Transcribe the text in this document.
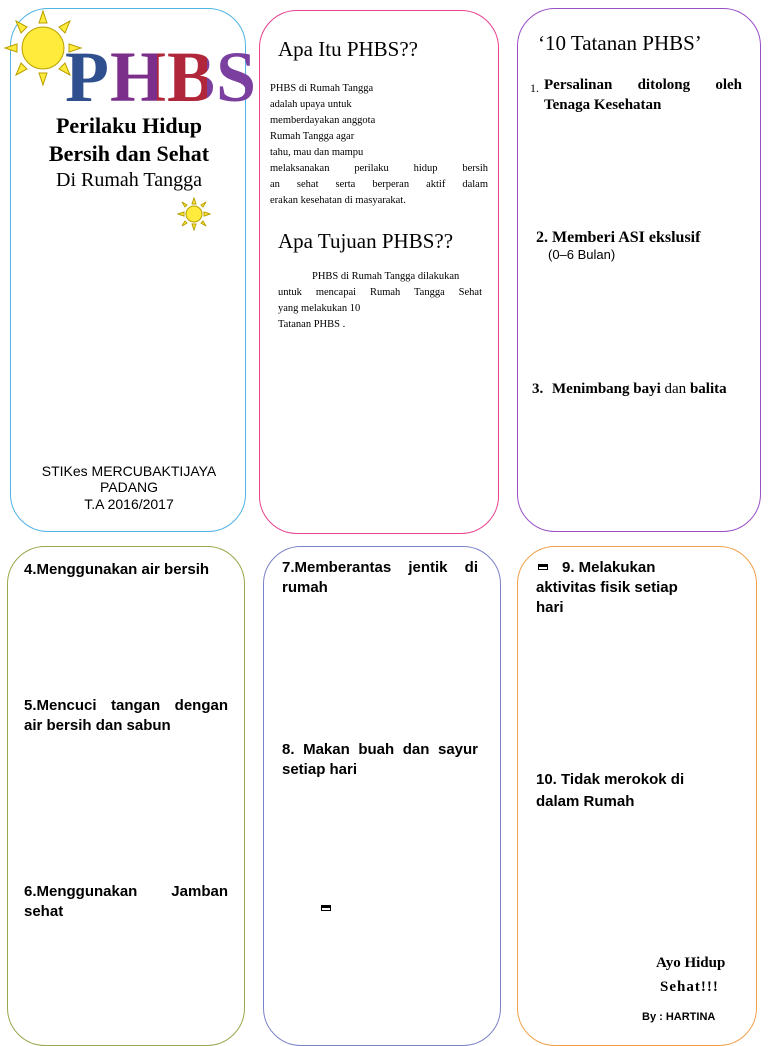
PHBS

Perilaku Hidup

Bersih dan Sehat

Di Rumah Tangga

STIKes MERCUBAKTIJAYA

PADANG

T.A 2016/2017

Apa Itu PHBS??

PHBS di Rumah Tangga

adalah upaya untuk

memberdayakan anggota

Rumah Tangga agar

tahu, mau dan mampu

melaksanakan perilaku hidup bersih

an sehat serta berperan aktif dalam

erakan kesehatan di masyarakat.

Apa Tujuan PHBS??

PHBS di Rumah Tangga dilakukan

untuk mencapai Rumah Tangga Sehat

yang melakukan 10

Tatanan PHBS .

‘10 Tatanan PHBS’

1. Persalinan ditolong oleh

Tenaga Kesehatan

2. Memberi ASI ekslusif

(0–6 Bulan)

3. Menimbang bayi dan balita

4.Menggunakan air bersih

5.Mencuci tangan dengan

air bersih dan sabun

6.Menggunakan Jamban

sehat

7.Memberantas jentik di

rumah

8. Makan buah dan sayur

setiap hari

9. Melakukan

aktivitas fisik setiap

hari

10. Tidak merokok di

dalam Rumah

Ayo Hidup

Sehat!!!

By : HARTINA
